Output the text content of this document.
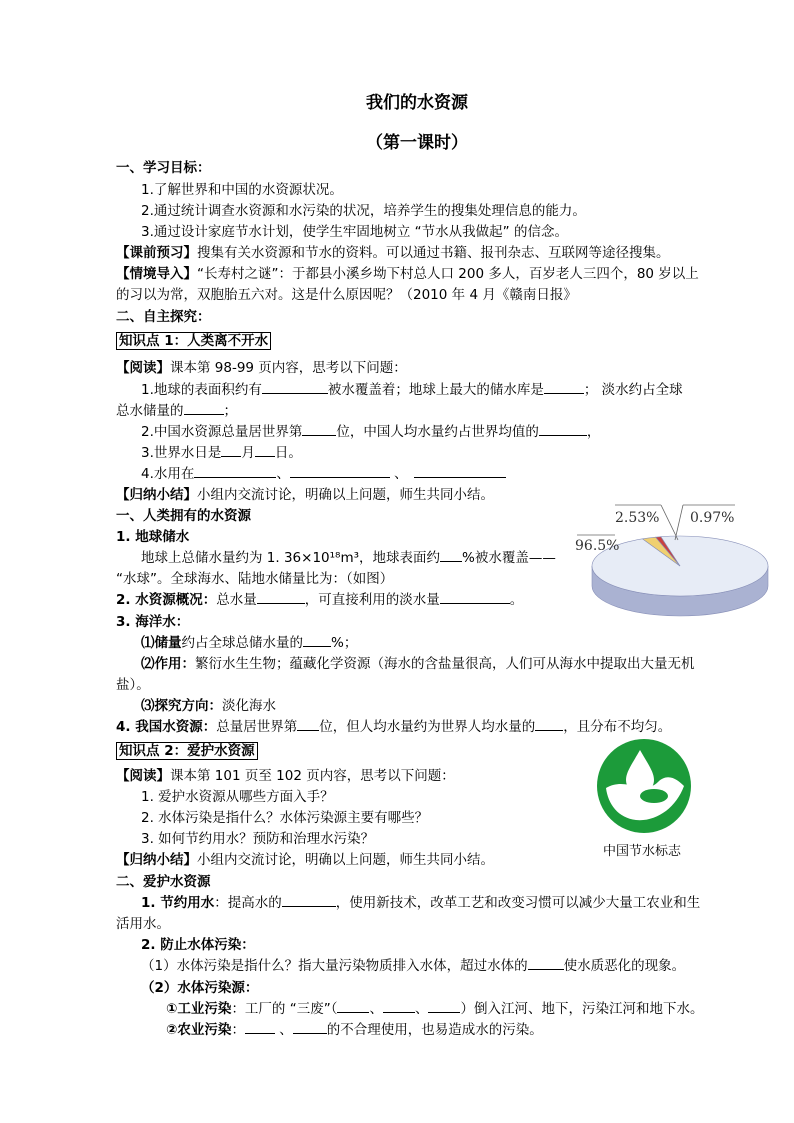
我们的水资源
（第一课时）
一、学习目标：
1.了解世界和中国的水资源状况。
2.通过统计调查水资源和水污染的状况，培养学生的搜集处理信息的能力。
3.通过设计家庭节水计划，使学生牢固地树立 “节水从我做起” 的信念。
【课前预习】搜集有关水资源和节水的资料。可以通过书籍、报刊杂志、互联网等途径搜集。
【情境导入】“长寿村之谜”：于都县小溪乡坳下村总人口 200 多人，百岁老人三四个，80 岁以上
的习以为常，双胞胎五六对。这是什么原因呢？（2010 年 4 月《赣南日报》
二、自主探究：
知识点 1：人类离不开水
【阅读】课本第 98-99 页内容，思考以下问题：
1.地球的表面积约有	被水覆盖着；地球上最大的储水库是	； 淡水约占全球
总水储量的	；
2.中国水资源总量居世界第	位，中国人均水量约占世界均值的	，
3.世界水日是 月 日。
4.水用在	、	、
【归纳小结】小组内交流讨论，明确以上问题，师生共同小结。
一、人类拥有的水资源
1. 地球储水
地球上总储水量约为 1. 36×10¹⁸m³，地球表面约 %被水覆盖——
“水球”。全球海水、陆地水储量比为：（如图）
2. 水资源概况：总水量	，可直接利用的淡水量	。
3. 海洋水：
⑴储量约占全球总储水量的 %；
⑵作用：繁衍水生生物；蕴藏化学资源（海水的含盐量很高，人们可从海水中提取出大量无机
盐）。
⑶探究方向：淡化海水
4. 我国水资源：总量居世界第 位，但人均水量约为世界人均水量的 ，且分布不均匀。
知识点 2：爱护水资源
【阅读】课本第 101 页至 102 页内容，思考以下问题：
1. 爱护水资源从哪些方面入手？
2. 水体污染是指什么？水体污染源主要有哪些？
3. 如何节约用水？预防和治理水污染？
【归纳小结】小组内交流讨论，明确以上问题，师生共同小结。
二、爱护水资源
1. 节约用水：提高水的	，使用新技术，改革工艺和改变习惯可以减少大量工农业和生
活用水。
2. 防止水体污染：
（1）水体污染是指什么？指大量污染物质排入水体，超过水体的	使水质恶化的现象。
（2）水体污染源：
①工业污染：工厂的 “三废”（ 、 、 ）倒入江河、地下，污染江河和地下水。
②农业污染： 、	的不合理使用，也易造成水的污染。
96.5%
2.53% 0.97%
中国节水标志
